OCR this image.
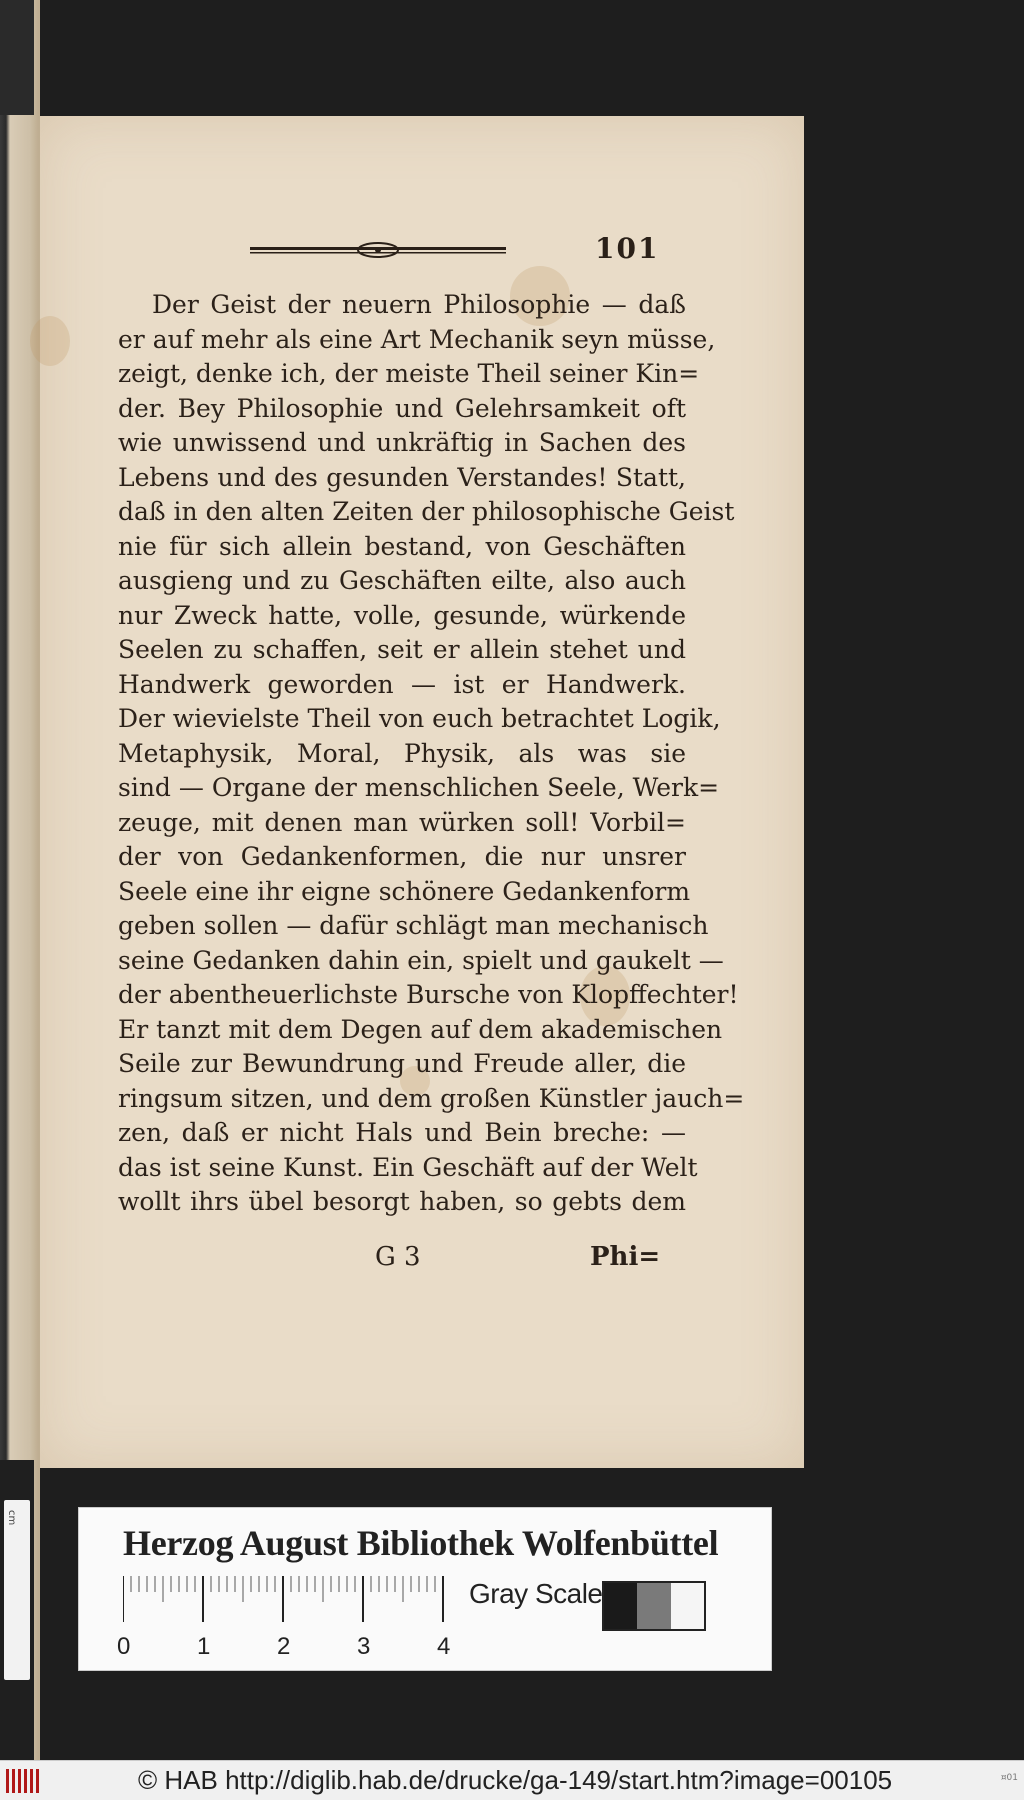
cm
101
Der Geist der neuern Philosophie — daß
er auf mehr als eine Art Mechanik seyn müsse,
zeigt, denke ich, der meiste Theil seiner Kin=
der. Bey Philosophie und Gelehrsamkeit oft
wie unwissend und unkräftig in Sachen des
Lebens und des gesunden Verstandes! Statt,
daß in den alten Zeiten der philosophische Geist
nie für sich allein bestand, von Geschäften
ausgieng und zu Geschäften eilte, also auch
nur Zweck hatte, volle, gesunde, würkende
Seelen zu schaffen, seit er allein stehet und
Handwerk geworden — ist er Handwerk.
Der wievielste Theil von euch betrachtet Logik,
Metaphysik, Moral, Physik, als was sie
sind — Organe der menschlichen Seele, Werk=
zeuge, mit denen man würken soll! Vorbil=
der von Gedankenformen, die nur unsrer
Seele eine ihr eigne schönere Gedankenform
geben sollen — dafür schlägt man mechanisch
seine Gedanken dahin ein, spielt und gaukelt —
der abentheuerlichste Bursche von Klopffechter!
Er tanzt mit dem Degen auf dem akademischen
Seile zur Bewundrung und Freude aller, die
ringsum sitzen, und dem großen Künstler jauch=
zen, daß er nicht Hals und Bein breche: —
das ist seine Kunst. Ein Geschäft auf der Welt
wollt ihrs übel besorgt haben, so gebts dem
G 3	Phi=
Herzog August Bibliothek Wolfenbüttel
0	1	2	3	4
Gray Scale
© HAB http://diglib.hab.de/drucke/ga-149/start.htm?image=00105	¤01
